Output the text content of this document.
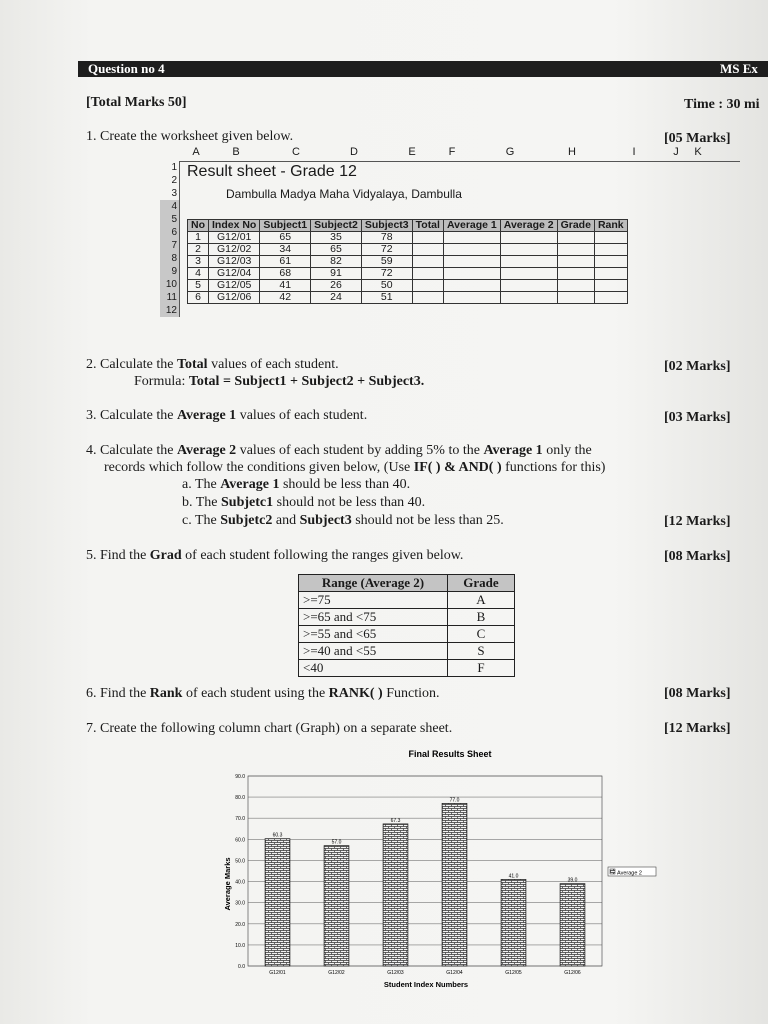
Question no 4	MS Ex
[Total Marks 50]	Time : 30 mi
1. Create the worksheet given below.	[05 Marks]
A	B	C	D	E	F	G	H	I	J	K
1
2
3
4
5
6
7
8
9
10
11
12
Result sheet - Grade 12
Dambulla Madya Maha Vidyalaya, Dambulla
No	Index No	Subject1	Subject2	Subject3	Total	Average 1	Average 2	Grade	Rank
1	G12/01	65	35	78					
2	G12/02	34	65	72					
3	G12/03	61	82	59					
4	G12/04	68	91	72					
5	G12/05	41	26	50					
6	G12/06	42	24	51					
2. Calculate the Total values of each student.	[02 Marks]
Formula: Total = Subject1 + Subject2 + Subject3.
3. Calculate the Average 1 values of each student.	[03 Marks]
4. Calculate the Average 2 values of each student by adding 5% to the Average 1 only the
records which follow the conditions given below, (Use IF( ) & AND( ) functions for this)
a. The Average 1 should be less than 40.
b. The Subjetc1 should not be less than 40.
c. The Subjetc2 and Subject3 should not be less than 25.	[12 Marks]
5. Find the Grad of each student following the ranges given below.	[08 Marks]
Range (Average 2)	Grade
>=75	A
>=65 and <75	B
>=55 and <65	C
>=40 and <55	S
<40	F
6. Find the Rank of each student using the RANK( ) Function.	[08 Marks]
7. Create the following column chart (Graph) on a separate sheet.	[12 Marks]
Final Results Sheet
Average Marks
Student Index Numbers
0.0
10.0
20.0
30.0
40.0
50.0
60.0
70.0
80.0
90.0
60.3
G12/01
57.0
G12/02
67.3
G12/03
77.0
G12/04
41.0
G12/05
39.0
G12/06
Average 2
